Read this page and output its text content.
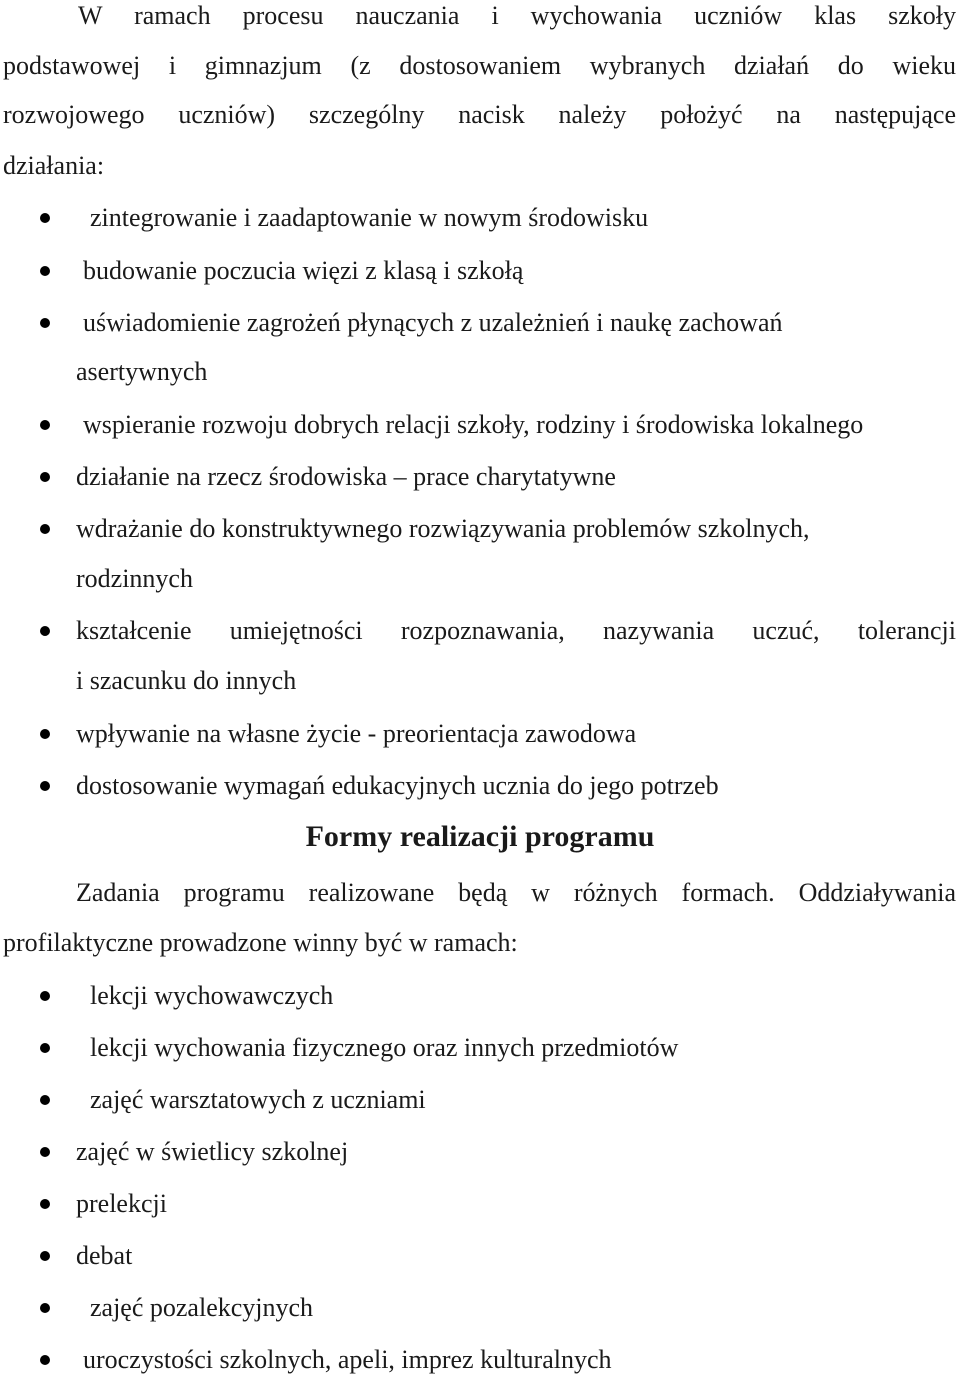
W ramach procesu nauczania i wychowania uczniów klas szkoły

podstawowej i gimnazjum (z dostosowaniem wybranych działań do wieku

rozwojowego uczniów) szczególny nacisk należy położyć na następujące

działania:

zintegrowanie i zaadaptowanie w nowym środowisku

budowanie poczucia więzi z klasą i szkołą

uświadomienie zagrożeń płynących z uzależnień i naukę zachowań

asertywnych

wspieranie rozwoju dobrych relacji szkoły, rodziny i środowiska lokalnego

działanie na rzecz środowiska – prace charytatywne

wdrażanie do konstruktywnego rozwiązywania problemów szkolnych,

rodzinnych

kształcenie umiejętności rozpoznawania, nazywania uczuć, tolerancji

i szacunku do innych

wpływanie na własne życie - preorientacja zawodowa

dostosowanie wymagań edukacyjnych ucznia do jego potrzeb

Formy realizacji programu

Zadania programu realizowane będą w różnych formach. Oddziaływania

profilaktyczne prowadzone winny być w ramach:

lekcji wychowawczych

lekcji wychowania fizycznego oraz innych przedmiotów

zajęć warsztatowych z uczniami

zajęć w świetlicy szkolnej

prelekcji

debat

zajęć pozalekcyjnych

uroczystości szkolnych, apeli, imprez kulturalnych
